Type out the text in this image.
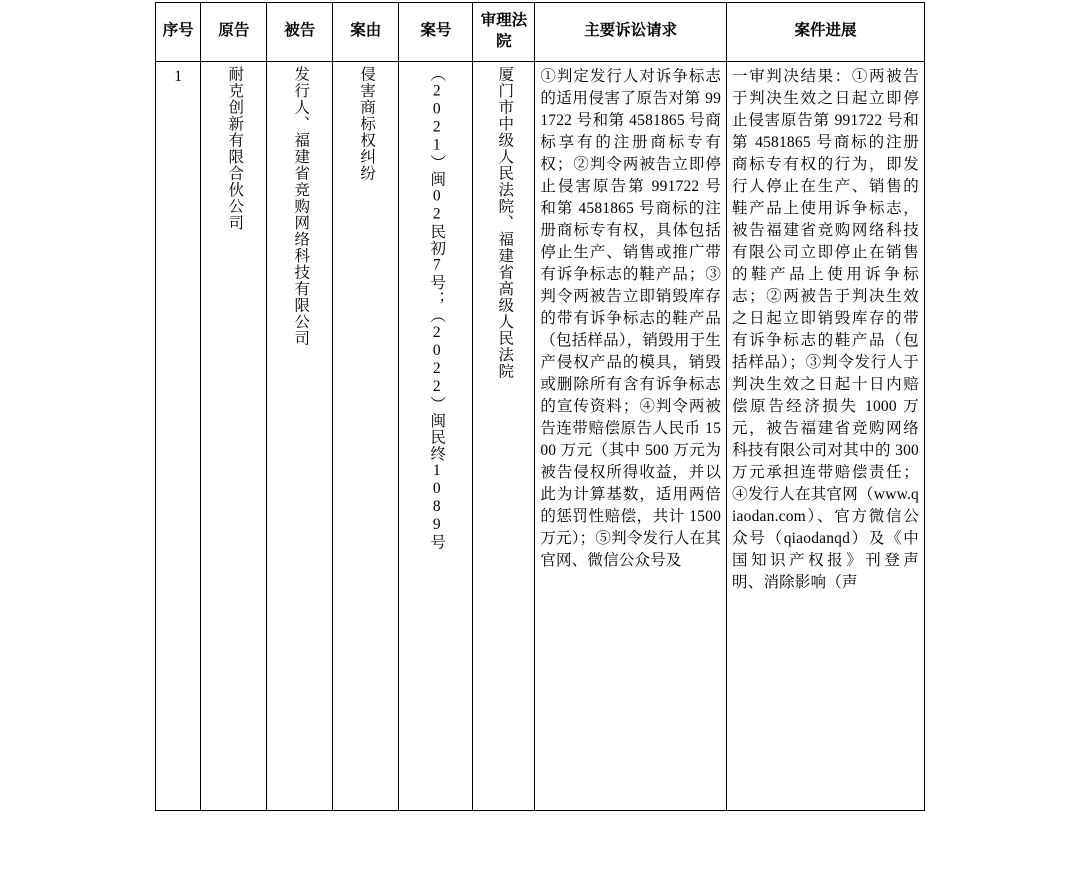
序号	原告	被告	案由	案号	审理法院	主要诉讼请求	案件进展
1	耐克创新有限合伙公司	发行人、福建省竞购网络科技有限公司	侵害商标权纠纷	（2021）闽02民初7号；（2022）闽民终1089号	厦门市中级人民法院、福建省高级人民法院	①判定发行人对诉争标志的适用侵害了原告对第 991722 号和第 4581865 号商标享有的注册商标专有权；②判令两被告立即停止侵害原告第 991722 号和第 4581865 号商标的注册商标专有权，具体包括停止生产、销售或推广带有诉争标志的鞋产品；③判令两被告立即销毁库存的带有诉争标志的鞋产品（包括样品），销毁用于生产侵权产品的模具，销毁或删除所有含有诉争标志的宣传资料；④判令两被告连带赔偿原告人民币 1500 万元（其中 500 万元为被告侵权所得收益，并以此为计算基数，适用两倍的惩罚性赔偿，共计 1500 万元）；⑤判令发行人在其官网、微信公众号及	一审判决结果：①两被告于判决生效之日起立即停止侵害原告第 991722 号和第 4581865 号商标的注册商标专有权的行为，即发行人停止在生产、销售的鞋产品上使用诉争标志，被告福建省竞购网络科技有限公司立即停止在销售的鞋产品上使用诉争标志；②两被告于判决生效之日起立即销毁库存的带有诉争标志的鞋产品（包括样品）；③判令发行人于判决生效之日起十日内赔偿原告经济损失 1000 万元，被告福建省竞购网络科技有限公司对其中的 300 万元承担连带赔偿责任；④发行人在其官网（www.qiaodan.com）、官方微信公众号（qiaodanqd）及《中国知识产权报》刊登声明、消除影响（声
